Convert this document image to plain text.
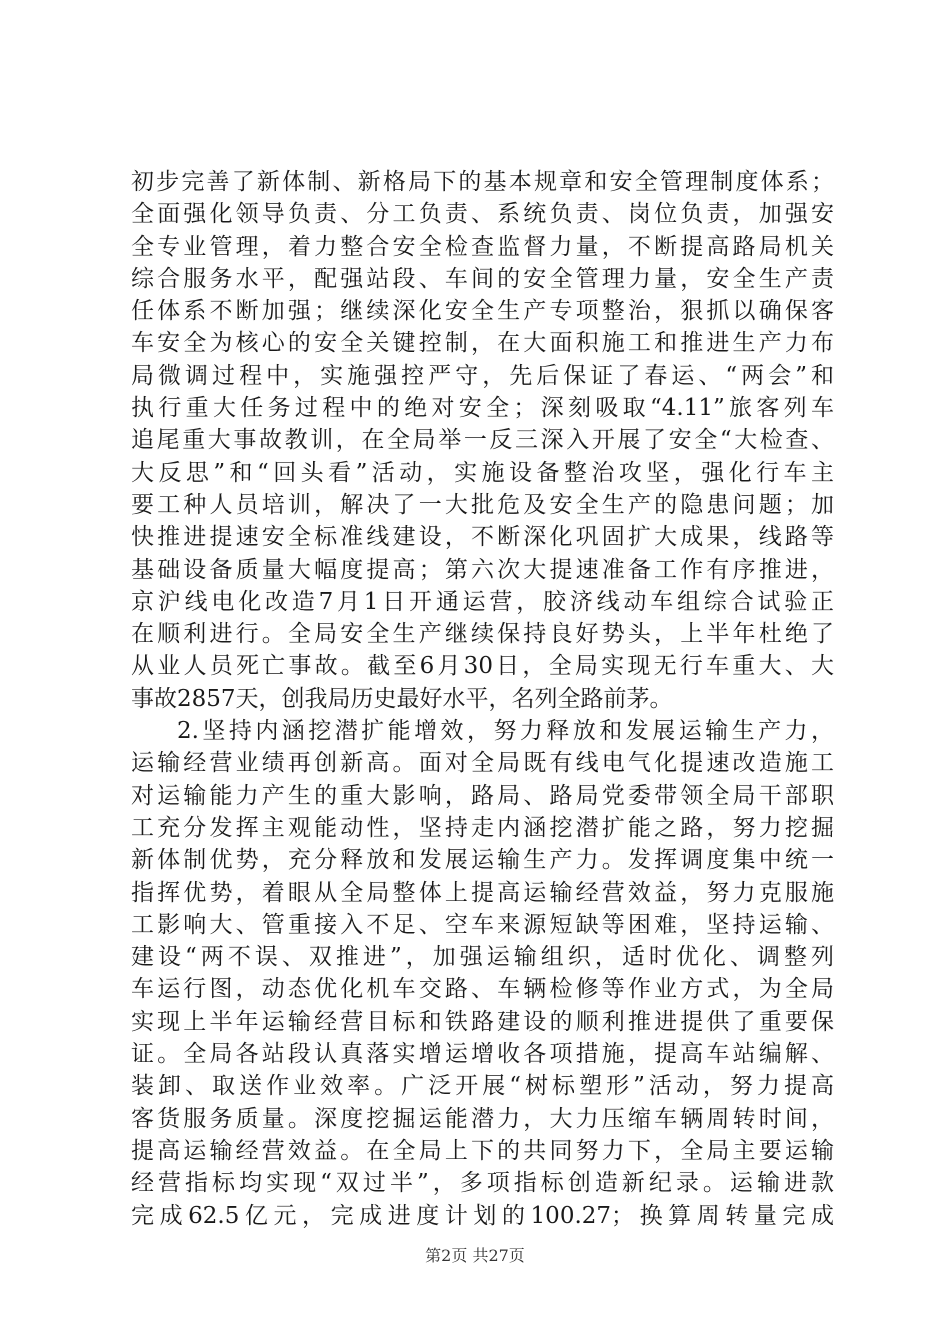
初步完善了新体制、新格局下的基本规章和安全管理制度体系；
全面强化领导负责、分工负责、系统负责、岗位负责，加强安
全专业管理，着力整合安全检查监督力量，不断提高路局机关
综合服务水平，配强站段、车间的安全管理力量，安全生产责
任体系不断加强；继续深化安全生产专项整治，狠抓以确保客
车安全为核心的安全关键控制，在大面积施工和推进生产力布
局微调过程中，实施强控严守，先后保证了春运、“两会”和
执行重大任务过程中的绝对安全；深刻吸取“4.11”旅客列车
追尾重大事故教训，在全局举一反三深入开展了安全“大检查、
大反思”和“回头看”活动，实施设备整治攻坚，强化行车主
要工种人员培训，解决了一大批危及安全生产的隐患问题；加
快推进提速安全标准线建设，不断深化巩固扩大成果，线路等
基础设备质量大幅度提高；第六次大提速准备工作有序推进，
京沪线电化改造7月1日开通运营，胶济线动车组综合试验正
在顺利进行。全局安全生产继续保持良好势头，上半年杜绝了
从业人员死亡事故。截至6月30日，全局实现无行车重大、大
事故2857天，创我局历史最好水平，名列全路前茅。
2.坚持内涵挖潜扩能增效，努力释放和发展运输生产力，
运输经营业绩再创新高。面对全局既有线电气化提速改造施工
对运输能力产生的重大影响，路局、路局党委带领全局干部职
工充分发挥主观能动性，坚持走内涵挖潜扩能之路，努力挖掘
新体制优势，充分释放和发展运输生产力。发挥调度集中统一
指挥优势，着眼从全局整体上提高运输经营效益，努力克服施
工影响大、管重接入不足、空车来源短缺等困难，坚持运输、
建设“两不误、双推进”，加强运输组织，适时优化、调整列
车运行图，动态优化机车交路、车辆检修等作业方式，为全局
实现上半年运输经营目标和铁路建设的顺利推进提供了重要保
证。全局各站段认真落实增运增收各项措施，提高车站编解、
装卸、取送作业效率。广泛开展“树标塑形”活动，努力提高
客货服务质量。深度挖掘运能潜力，大力压缩车辆周转时间，
提高运输经营效益。在全局上下的共同努力下，全局主要运输
经营指标均实现“双过半”，多项指标创造新纪录。运输进款
完成62.5亿元，完成进度计划的100.27；换算周转量完成
第2页 共27页
